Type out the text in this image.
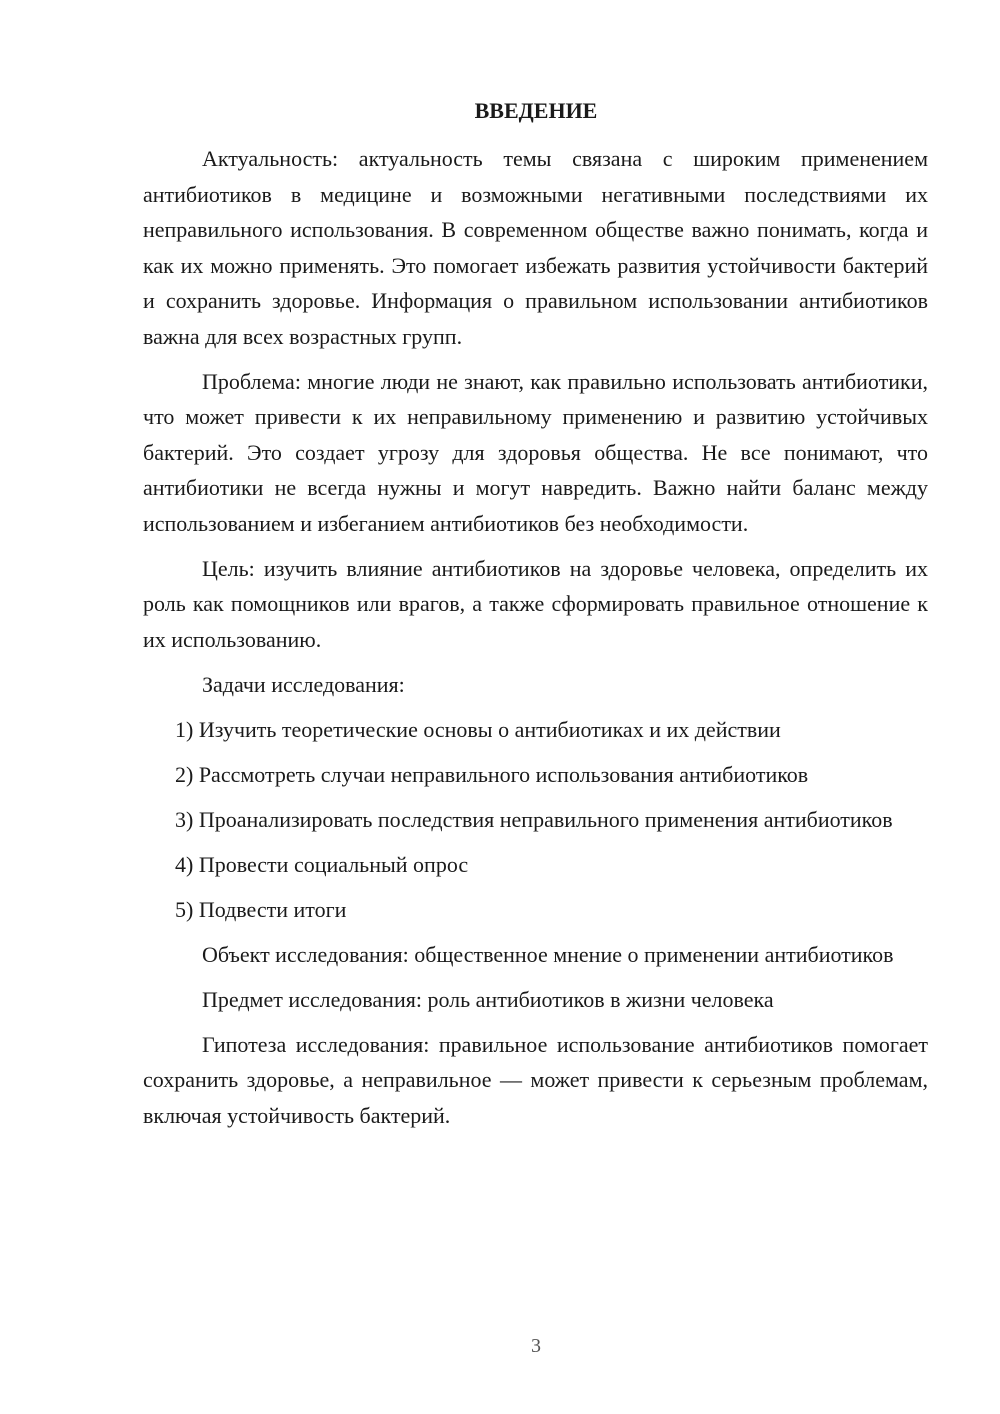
ВВЕДЕНИЕ

Актуальность: актуальность темы связана с широким применением антибиотиков в медицине и возможными негативными последствиями их неправильного использования. В современном обществе важно понимать, когда и как их можно применять. Это помогает избежать развития устойчивости бактерий и сохранить здоровье. Информация о правильном использовании антибиотиков важна для всех возрастных групп.

Проблема: многие люди не знают, как правильно использовать антибиотики, что может привести к их неправильному применению и развитию устойчивых бактерий. Это создает угрозу для здоровья общества. Не все понимают, что антибиотики не всегда нужны и могут навредить. Важно найти баланс между использованием и избеганием антибиотиков без необходимости.

Цель: изучить влияние антибиотиков на здоровье человека, определить их роль как помощников или врагов, а также сформировать правильное отношение к их использованию.

Задачи исследования:

1) Изучить теоретические основы о антибиотиках и их действии

2) Рассмотреть случаи неправильного использования антибиотиков

3) Проанализировать последствия неправильного применения антибиотиков

4) Провести социальный опрос

5) Подвести итоги

Объект исследования: общественное мнение о применении антибиотиков

Предмет исследования: роль антибиотиков в жизни человека

Гипотеза исследования: правильное использование антибиотиков помогает сохранить здоровье, а неправильное — может привести к серьезным проблемам, включая устойчивость бактерий.

3
